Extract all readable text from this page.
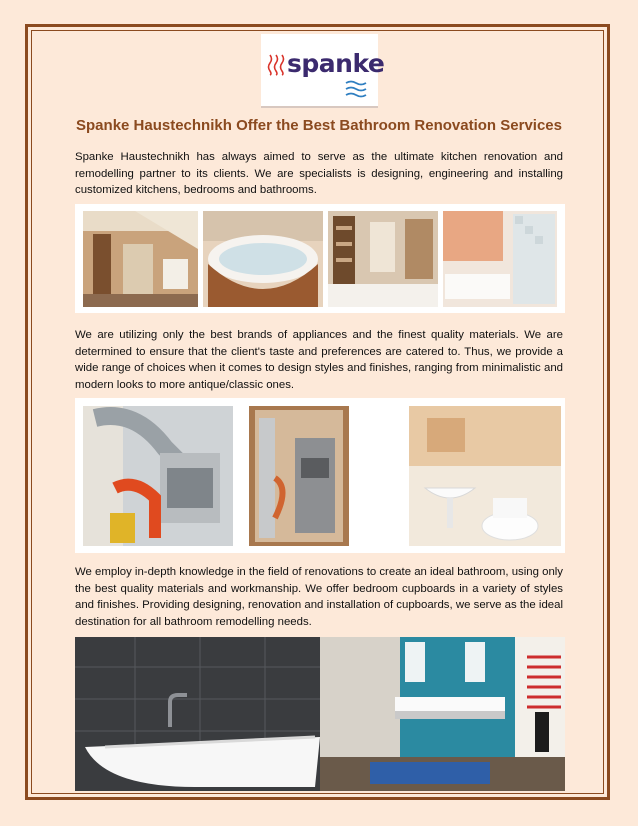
spanke
Spanke Haustechnikh Offer the Best Bathroom Renovation Services
Spanke Haustechnikh has always aimed to serve as the ultimate kitchen renovation and remodelling partner to its clients. We are specialists is designing, engineering and installing customized kitchens, bedrooms and bathrooms.
We are utilizing only the best brands of appliances and the finest quality materials. We are determined to ensure that the client's taste and preferences are catered to. Thus, we provide a wide range of choices when it comes to design styles and finishes, ranging from minimalistic and modern looks to more antique/classic ones.
We employ in-depth knowledge in the field of renovations to create an ideal bathroom, using only the best quality materials and workmanship. We offer bedroom cupboards in a variety of styles and finishes. Providing designing, renovation and installation of cupboards, we serve as the ideal destination for all bathroom remodelling needs.
